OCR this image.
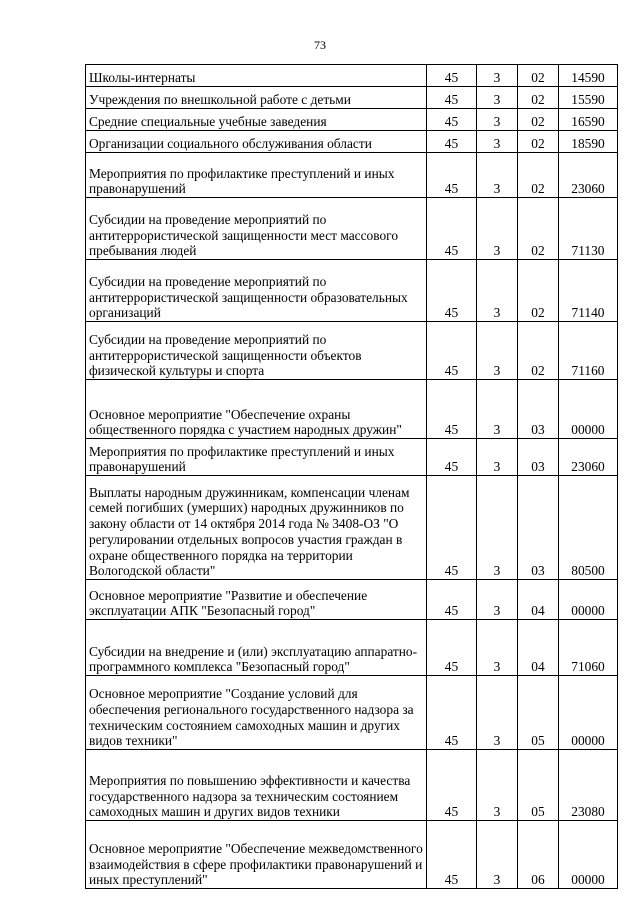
73
Школы-интернаты	45	3	02	14590
Учреждения по внешкольной работе с детьми	45	3	02	15590
Средние специальные учебные заведения	45	3	02	16590
Организации социального обслуживания области	45	3	02	18590
Мероприятия по профилактике преступлений и иных правонарушений	45	3	02	23060
Субсидии на проведение мероприятий по антитеррористической защищенности мест массового пребывания людей	45	3	02	71130
Субсидии на проведение мероприятий по антитеррористической защищенности образовательных организаций	45	3	02	71140
Субсидии на проведение мероприятий по антитеррористической защищенности объектов физической культуры и спорта	45	3	02	71160
Основное мероприятие "Обеспечение охраны общественного порядка с участием народных дружин"	45	3	03	00000
Мероприятия по профилактике преступлений и иных правонарушений	45	3	03	23060
Выплаты народным дружинникам, компенсации членам семей погибших (умерших) народных дружинников по закону области от 14 октября 2014 года № 3408-ОЗ "О регулировании отдельных вопросов участия граждан в охране общественного порядка на территории Вологодской области"	45	3	03	80500
Основное мероприятие "Развитие и обеспечение эксплуатации АПК "Безопасный город"	45	3	04	00000
Субсидии на внедрение и (или) эксплуатацию аппаратно-программного комплекса "Безопасный город"	45	3	04	71060
Основное мероприятие "Создание условий для обеспечения регионального государственного надзора за техническим состоянием самоходных машин и других видов техники"	45	3	05	00000
Мероприятия по повышению эффективности и качества государственного надзора за техническим состоянием самоходных машин и других видов техники	45	3	05	23080
Основное мероприятие "Обеспечение межведомственного взаимодействия в сфере профилактики правонарушений и иных преступлений"	45	3	06	00000
